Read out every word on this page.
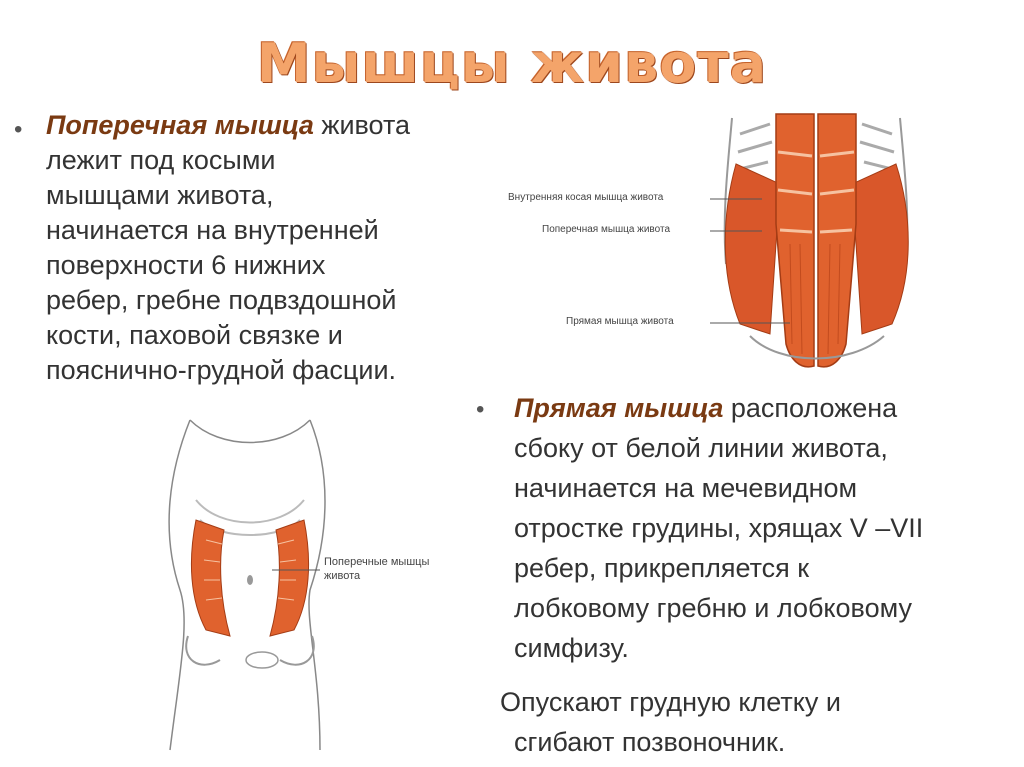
Мышцы живота
• Поперечная мышца живота
лежит под косыми
мышцами живота,
начинается на внутренней
поверхности 6 нижних
ребер, гребне подвздошной
кости, паховой связке и
пояснично-грудной фасции.
• Прямая мышца расположена
сбоку от белой линии живота,
начинается на мечевидном
отростке грудины, хрящах V –VII
ребер, прикрепляется к
лобковому гребню и лобковому
симфизу.
Опускают грудную клетку и
сгибают позвоночник.
Внутренняя косая мышца живота
Поперечная мышца живота
Прямая мышца живота
Поперечные мышцы
живота
